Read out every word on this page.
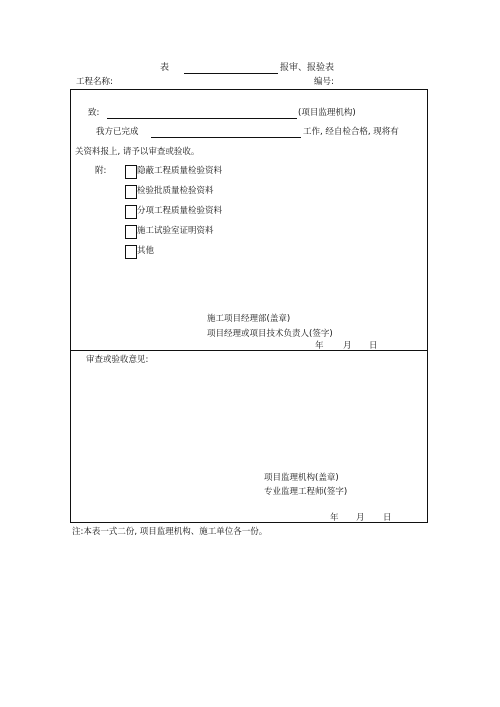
表	报审、报验表
工程名称:	编号:
致:	(项目监理机构)
我方已完成	工作, 经自检合格, 现将有
关资料报上, 请予以审查或验收。
附:	隐蔽工程质量检验资料
检验批质量检验资料
分项工程质量检验资料
施工试验室证明资料
其他
施工项目经理部(盖章)
项目经理或项目技术负责人(签字)
年 月 日
审查或验收意见:
项目监理机构(盖章)
专业监理工程师(签字)
年 月 日
注:本表一式二份, 项目监理机构、施工单位各一份。
